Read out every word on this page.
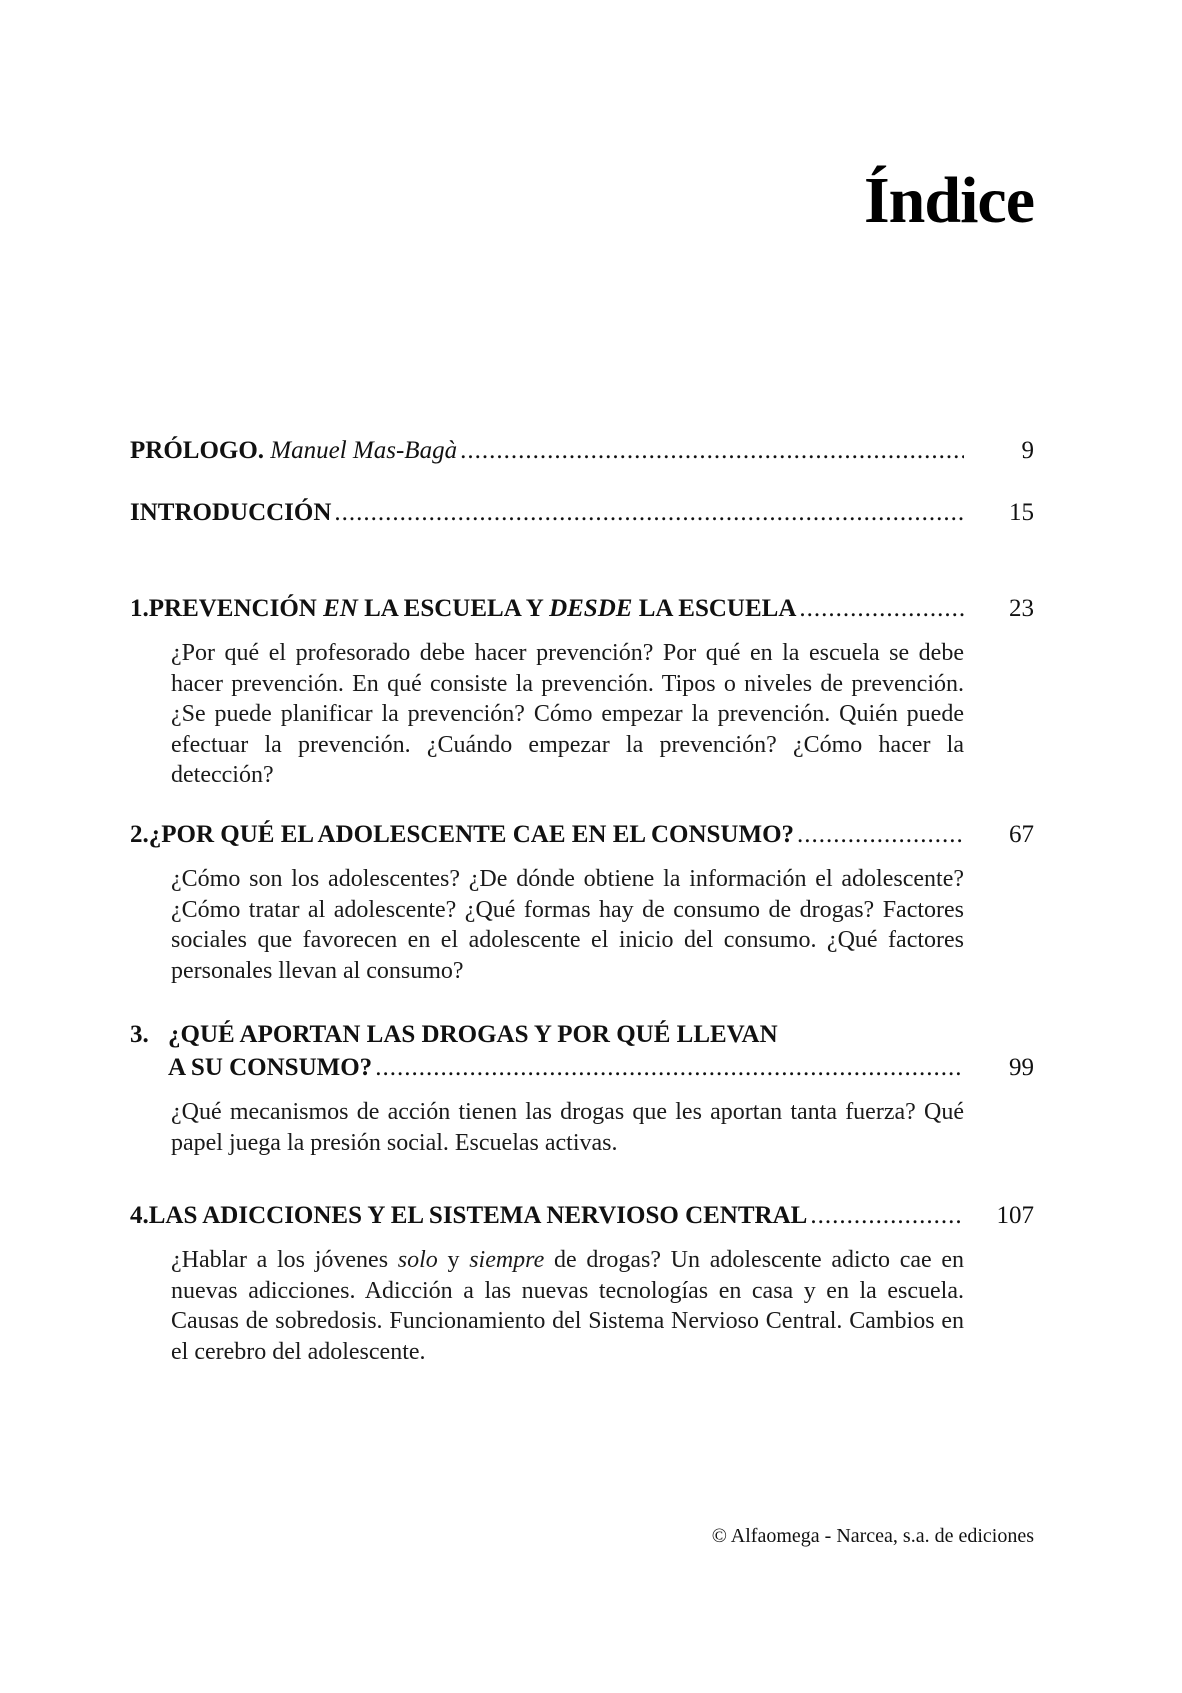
Índice
PRÓLOGO. Manuel Mas-Bagà .....	9
INTRODUCCIÓN .....	15
1. PREVENCIÓN EN LA ESCUELA Y DESDE LA ESCUELA .....	23

¿Por qué el profesorado debe hacer prevención? Por qué en la escuela se debe hacer prevención. En qué consiste la prevención. Tipos o niveles de prevención. ¿Se puede planificar la prevención? Cómo empezar la prevención. Quién puede efectuar la prevención. ¿Cuándo empezar la prevención? ¿Cómo hacer la detección?

2. ¿POR QUÉ EL ADOLESCENTE CAE EN EL CONSUMO? .....	67

¿Cómo son los adolescentes? ¿De dónde obtiene la información el adolescente? ¿Cómo tratar al adolescente? ¿Qué formas hay de consumo de drogas? Factores sociales que favorecen en el adolescente el inicio del consumo. ¿Qué factores personales llevan al consumo?

3. ¿QUÉ APORTAN LAS DROGAS Y POR QUÉ LLEVAN
A SU CONSUMO? .....	99

¿Qué mecanismos de acción tienen las drogas que les aportan tanta fuerza? Qué papel juega la presión social. Escuelas activas.

4. LAS ADICCIONES Y EL SISTEMA NERVIOSO CENTRAL .....	107

¿Hablar a los jóvenes solo y siempre de drogas? Un adolescente adicto cae en nuevas adicciones. Adicción a las nuevas tecnologías en casa y en la escuela. Causas de sobredosis. Funcionamiento del Sistema Nervioso Central. Cambios en el cerebro del adolescente.

© Alfaomega - Narcea, s.a. de ediciones
